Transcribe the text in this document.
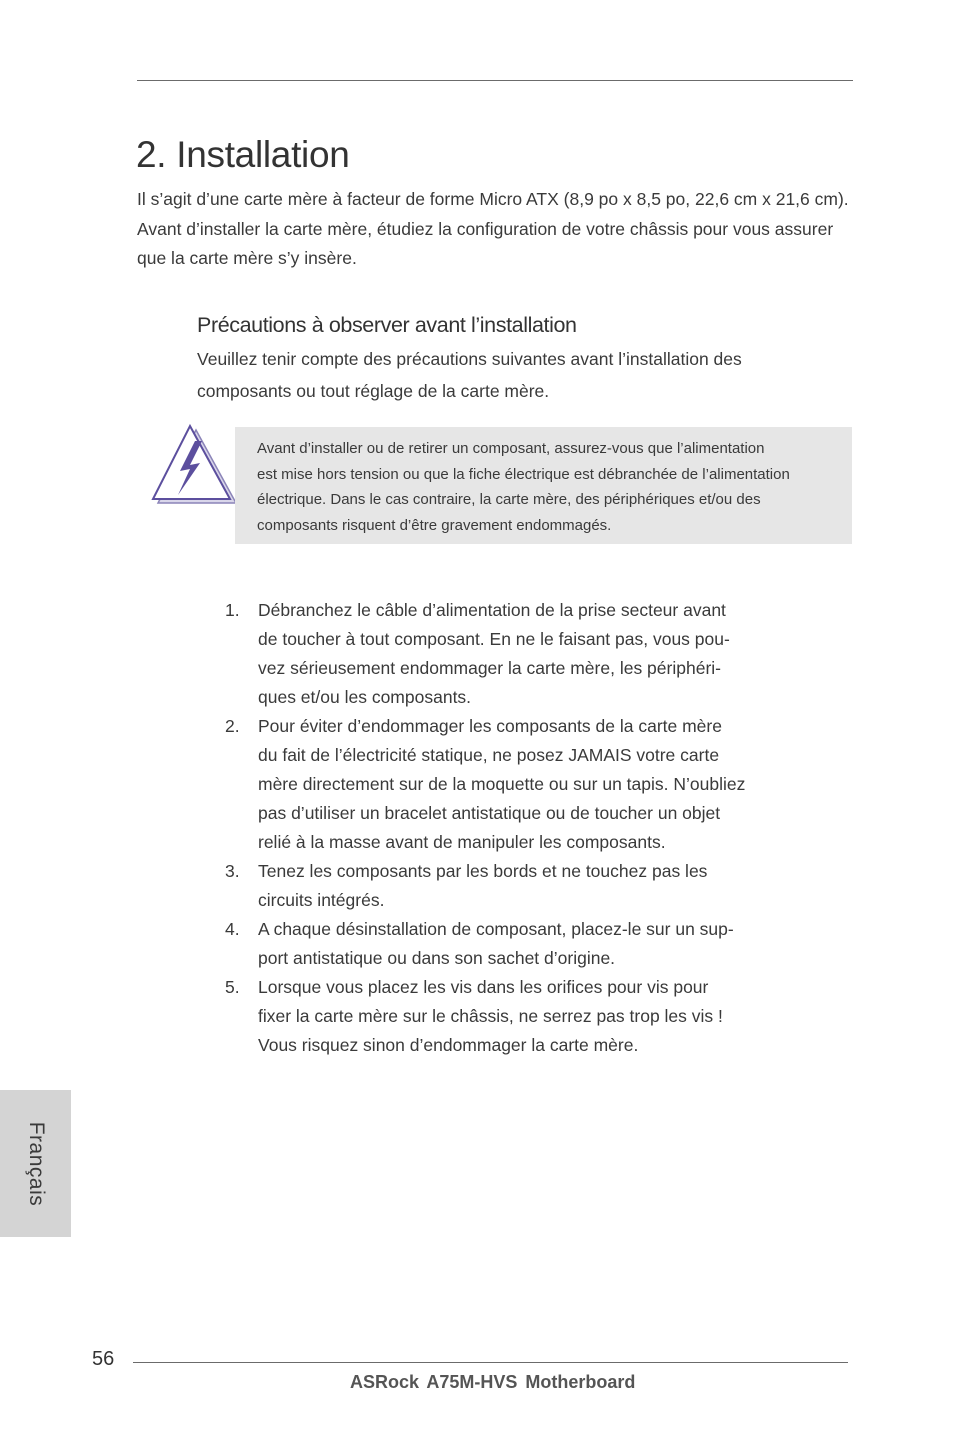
2. Installation

Il s’agit d’une carte mère à facteur de forme Micro ATX (8,9 po x 8,5 po, 22,6 cm x 21,6 cm). Avant d’installer la carte mère, étudiez la configuration de votre châssis pour vous assurer que la carte mère s’y insère.

Précautions à observer avant l’installation

Veuillez tenir compte des précautions suivantes avant l’installation des composants ou tout réglage de la carte mère.

Avant d’installer ou de retirer un composant, assurez-vous que l’alimentation
est mise hors tension ou que la fiche électrique est débranchée de l’alimentation
électrique. Dans le cas contraire, la carte mère, des périphériques et/ou des
composants risquent d’être gravement endommagés.

1.	Débranchez le câble d’alimentation de la prise secteur avant
de toucher à tout composant. En ne le faisant pas, vous pou-
vez sérieusement endommager la carte mère, les périphéri-
ques et/ou les composants.
2.	Pour éviter d’endommager les composants de la carte mère
du fait de l’électricité statique, ne posez JAMAIS votre carte
mère directement sur de la moquette ou sur un tapis. N’oubliez
pas d’utiliser un bracelet antistatique ou de toucher un objet
relié à la masse avant de manipuler les composants.
3.	Tenez les composants par les bords et ne touchez pas les
circuits intégrés.
4.	A chaque désinstallation de composant, placez-le sur un sup-
port antistatique ou dans son sachet d’origine.
5.	Lorsque vous placez les vis dans les orifices pour vis pour
fixer la carte mère sur le châssis, ne serrez pas trop les vis !
Vous risquez sinon d’endommager la carte mère.
Français
56
ASRock A75M-HVS Motherboard
